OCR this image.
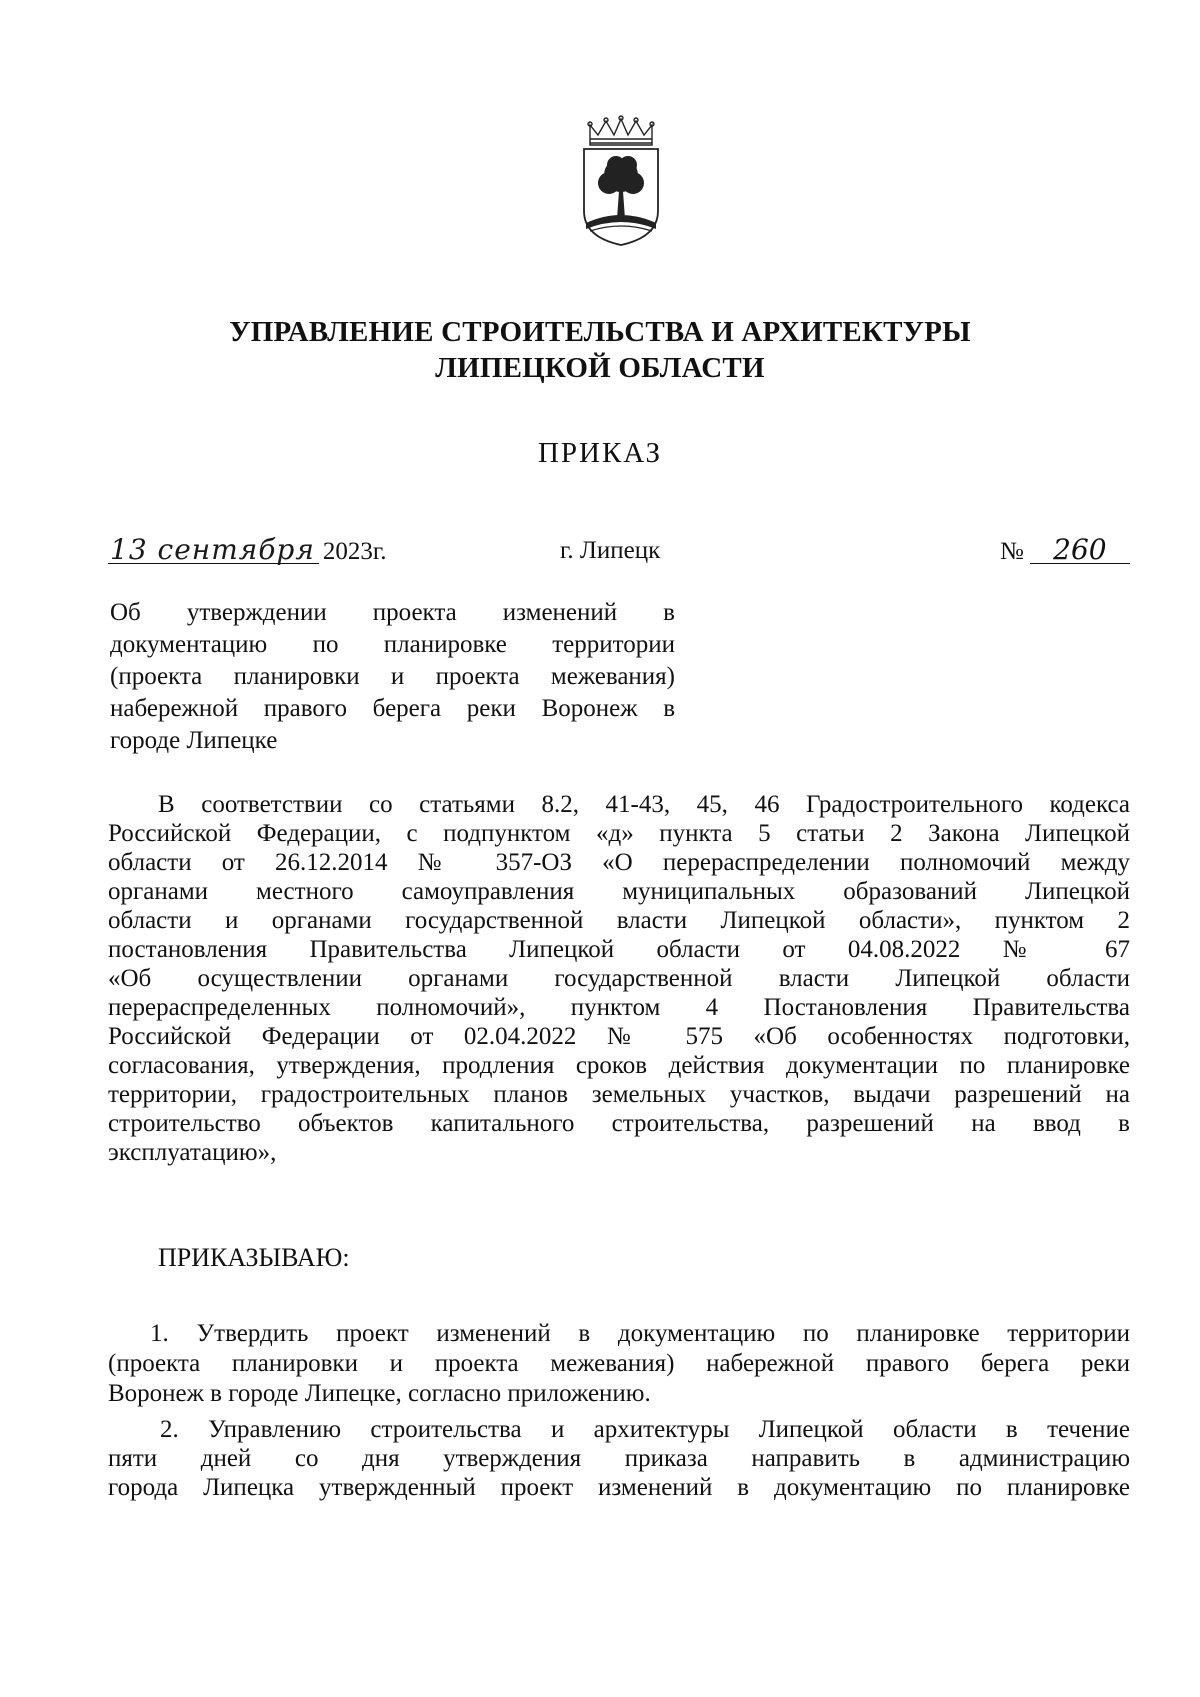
УПРАВЛЕНИЕ СТРОИТЕЛЬСТВА И АРХИТЕКТУРЫ
ЛИПЕЦКОЙ ОБЛАСТИ
ПРИКАЗ
13 сентября 2023г.	г. Липецк	№ 260
Об утверждении проекта изменений в
документацию по планировке территории
(проекта планировки и проекта межевания)
набережной правого берега реки Воронеж в
городе Липецке
В соответствии со статьями 8.2, 41-43, 45, 46 Градостроительного кодекса
Российской Федерации, с подпунктом «д» пункта 5 статьи 2 Закона Липецкой
области от 26.12.2014 № 357-ОЗ «О перераспределении полномочий между
органами местного самоуправления муниципальных образований Липецкой
области и органами государственной власти Липецкой области», пунктом 2
постановления Правительства Липецкой области от 04.08.2022 № 67
«Об осуществлении органами государственной власти Липецкой области
перераспределенных полномочий», пунктом 4 Постановления Правительства
Российской Федерации от 02.04.2022 № 575 «Об особенностях подготовки,
согласования, утверждения, продления сроков действия документации по планировке
территории, градостроительных планов земельных участков, выдачи разрешений на
строительство объектов капитального строительства, разрешений на ввод в
эксплуатацию»,
ПРИКАЗЫВАЮ:
1. Утвердить проект изменений в документацию по планировке территории
(проекта планировки и проекта межевания) набережной правого берега реки
Воронеж в городе Липецке, согласно приложению.
2. Управлению строительства и архитектуры Липецкой области в течение
пяти дней со дня утверждения приказа направить в администрацию
города Липецка утвержденный проект изменений в документацию по планировке
